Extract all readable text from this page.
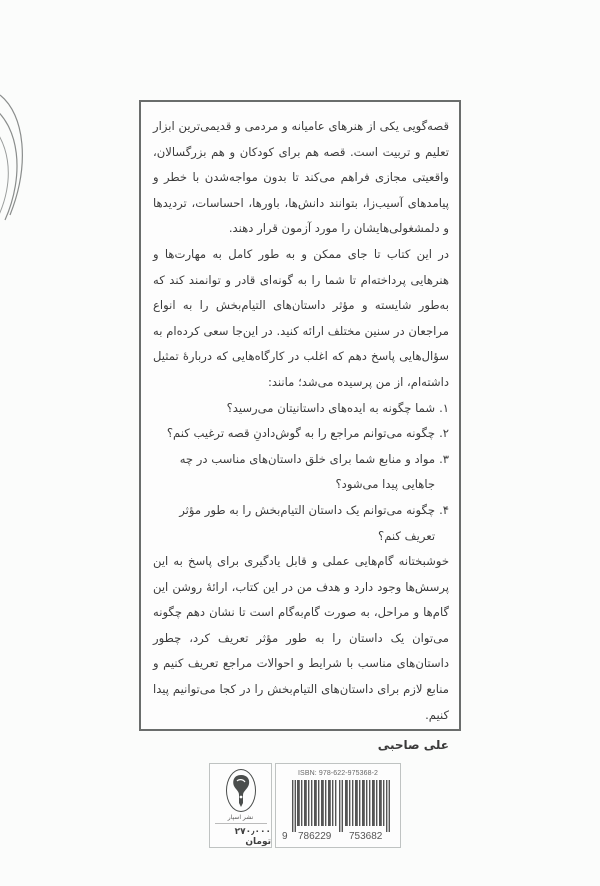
قصه‌گویی یکی از هنرهای عامیانه و مردمی و قدیمی‌ترین ابزار تعلیم و تربیت است. قصه هم برای کودکان و هم بزرگسالان، واقعیتی مجازی فراهم می‌کند تا بدون مواجه‌شدن با خطر و پیامدهای آسیب‌زا، بتوانند دانش‌ها، باورها، احساسات، تردیدها و دلمشغولی‌هایشان را مورد آزمون قرار دهند.

در این کتاب تا جای ممکن و به طور کامل به مهارت‌ها و هنرهایی پرداخته‌ام تا شما را به گونه‌ای قادر و توانمند کند که به‌طور شایسته و مؤثر داستان‌های التیام‌بخش را به انواع مراجعان در سنین مختلف ارائه کنید. در این‌جا سعی کرده‌ام به سؤال‌هایی پاسخ دهم که اغلب در کارگاه‌هایی که دربارهٔ تمثیل داشته‌ام، از من پرسیده می‌شد؛ مانند:

۱.
شما چگونه به ایده‌های داستانیتان می‌رسید؟
۲.
چگونه می‌توانم مراجع را به گوش‌دادنِ قصه ترغیب کنم؟
۳.
مواد و منابع شما برای خلق داستان‌های مناسب در چه جاهایی پیدا می‌شود؟
۴.
چگونه می‌توانم یک داستان التیام‌بخش را به طور مؤثر تعریف کنم؟

خوشبختانه گام‌هایی عملی و قابل یادگیری برای پاسخ به این پرسش‌ها وجود دارد و هدف من در این کتاب، ارائهٔ روشن این گام‌ها و مراحل، به صورت گام‌به‌گام است تا نشان دهم چگونه می‌توان یک داستان را به طور مؤثر تعریف کرد، چطور داستان‌های مناسب با شرایط و احوالات مراجع تعریف کنیم و منابع لازم برای داستان‌های التیام‌بخش را در کجا می‌توانیم پیدا کنیم.

علی صاحبی
نشر اسپار
۲۷۰٫۰۰۰ تومان
ISBN: 978-622-975368-2
9 786229 753682
